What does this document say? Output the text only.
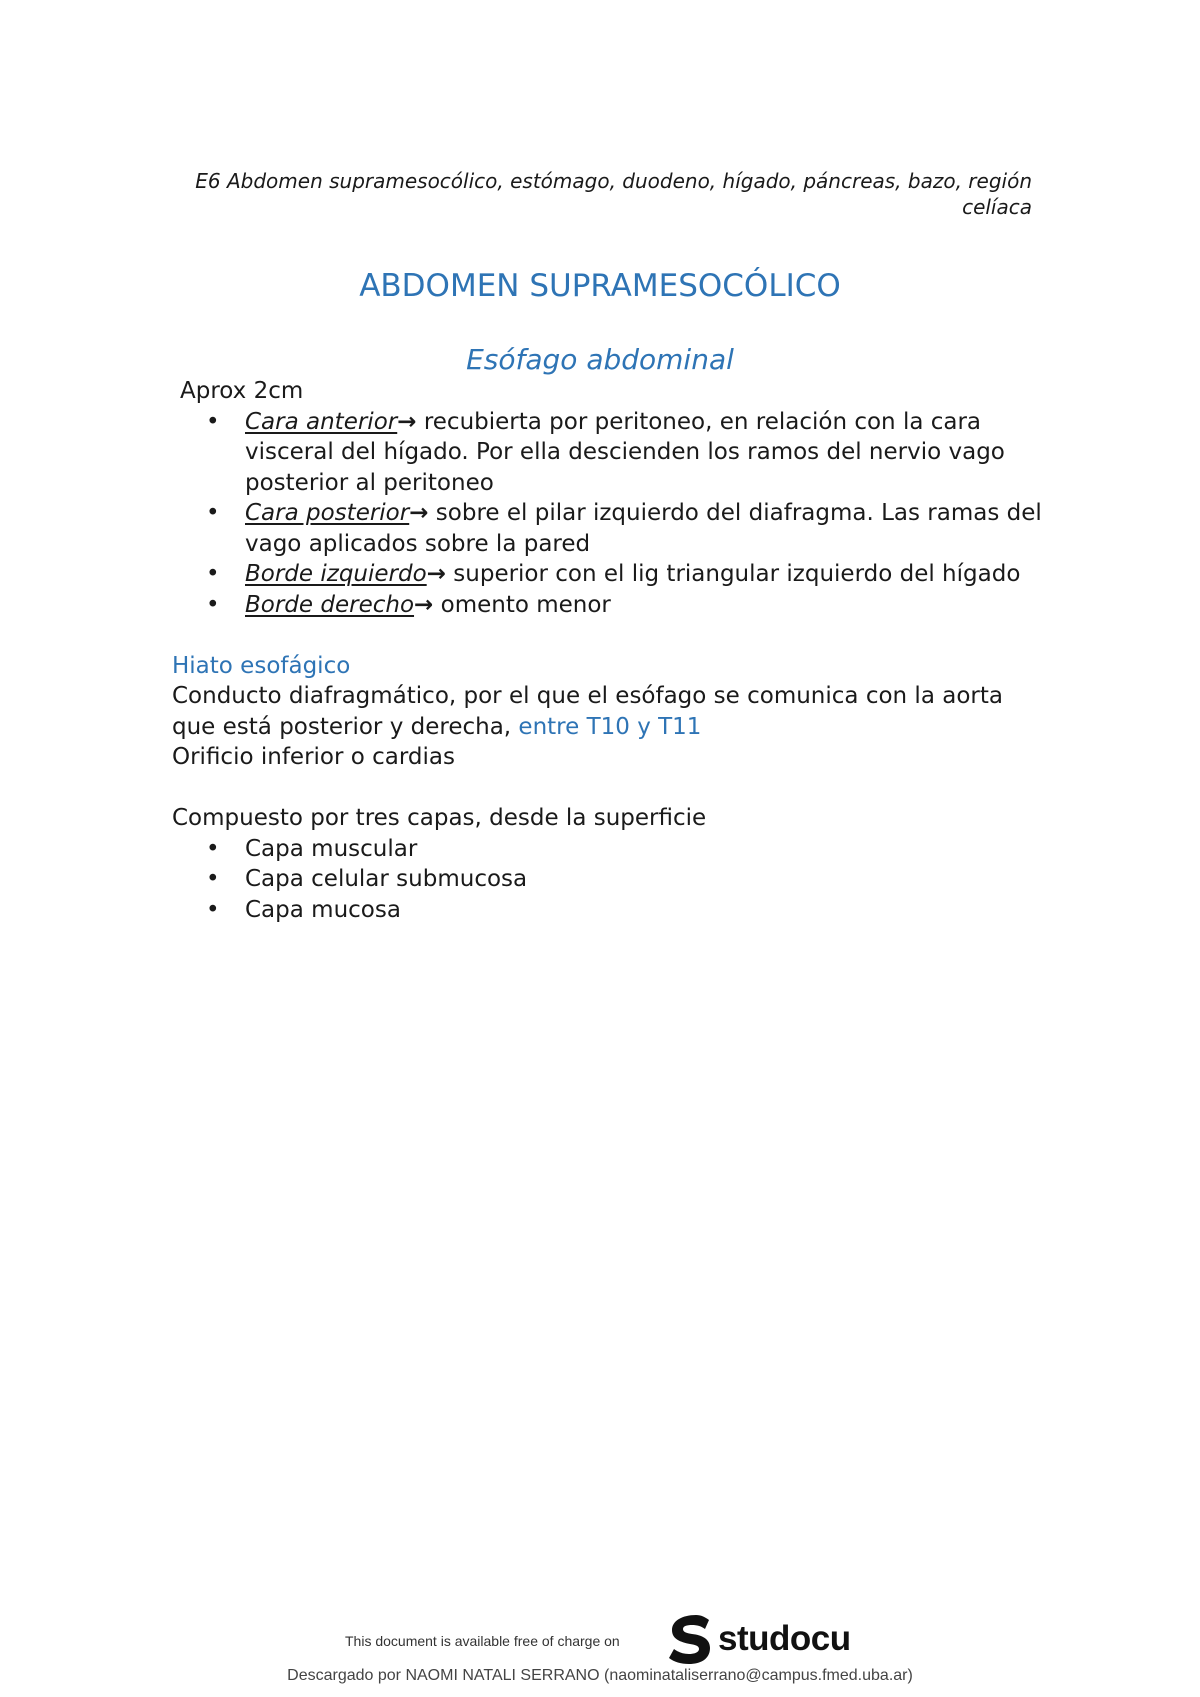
E6 Abdomen supramesocólico, estómago, duodeno, hígado, páncreas, bazo, región
celíaca
ABDOMEN SUPRAMESOCÓLICO
Esófago abdominal

Aprox 2cm

• Cara anterior→ recubierta por peritoneo, en relación con la cara visceral del hígado. Por ella descienden los ramos del nervio vago posterior al peritoneo
• Cara posterior→ sobre el pilar izquierdo del diafragma. Las ramas del vago aplicados sobre la pared
• Borde izquierdo→ superior con el lig triangular izquierdo del hígado
• Borde derecho→ omento menor

Hiato esofágico

Conducto diafragmático, por el que el esófago se comunica con la aorta que está posterior y derecha, entre T10 y T11

Orificio inferior o cardias

Compuesto por tres capas, desde la superficie

• Capa muscular
• Capa celular submucosa
• Capa mucosa
This document is available free of charge on	studocu
Descargado por NAOMI NATALI SERRANO (naominataliserrano@campus.fmed.uba.ar)
